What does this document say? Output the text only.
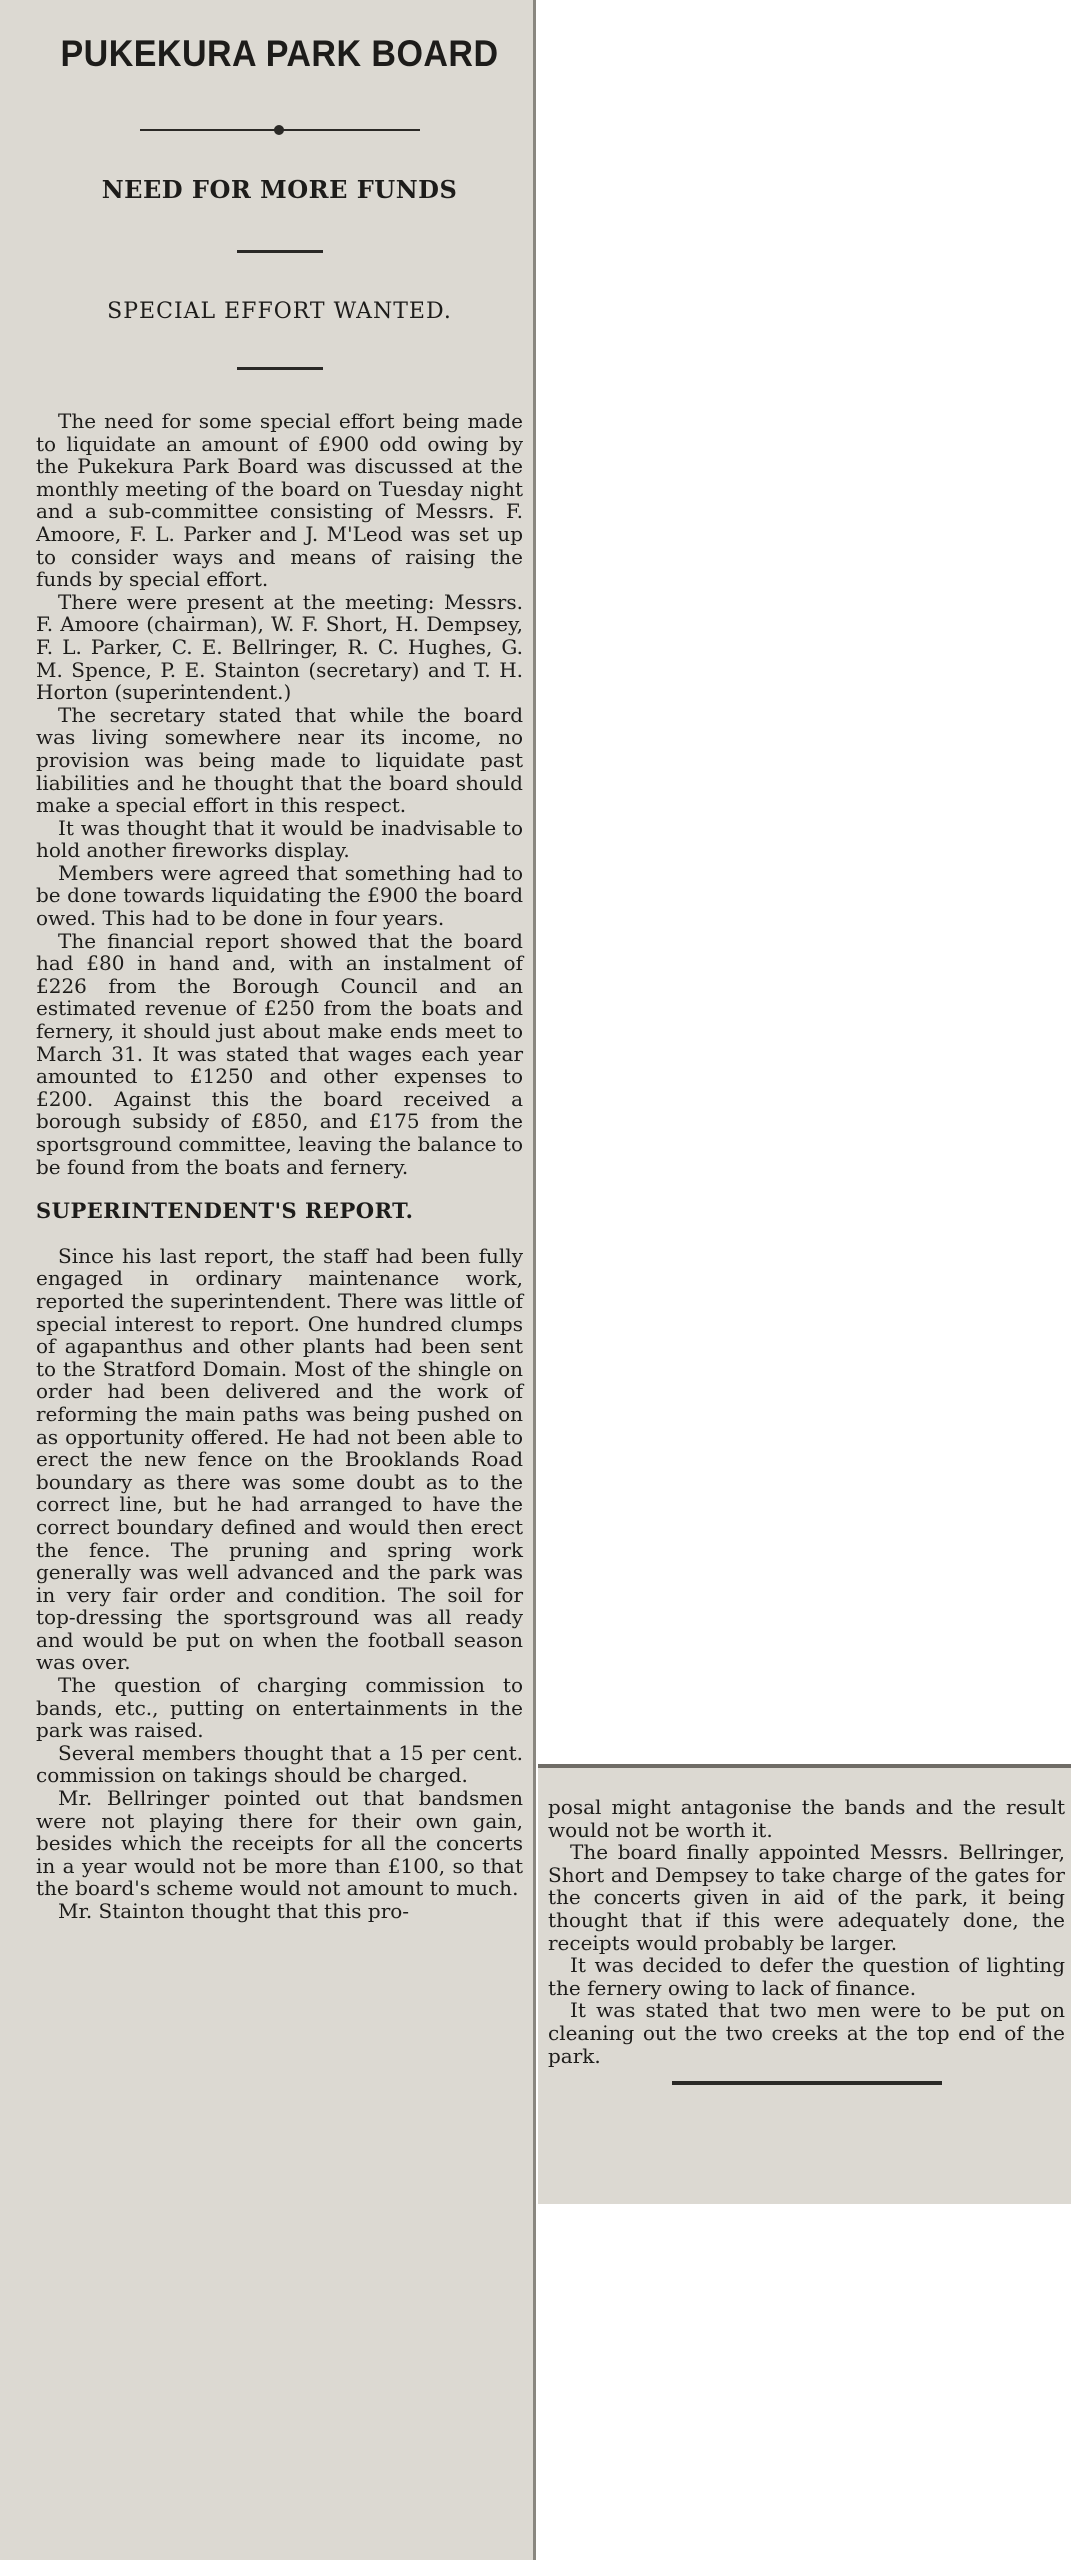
PUKEKURA PARK BOARD
NEED FOR MORE FUNDS
SPECIAL EFFORT WANTED.

The need for some special effort being made to liquidate an amount of £900 odd owing by the Pukekura Park Board was discussed at the monthly meeting of the board on Tuesday night and a sub-committee consisting of Messrs. F. Amoore, F. L. Parker and J. M'Leod was set up to consider ways and means of raising the funds by special effort.

There were present at the meeting: Messrs. F. Amoore (chairman), W. F. Short, H. Dempsey, F. L. Parker, C. E. Bellringer, R. C. Hughes, G. M. Spence, P. E. Stainton (secretary) and T. H. Horton (superintendent.)

The secretary stated that while the board was living somewhere near its income, no provision was being made to liquidate past liabilities and he thought that the board should make a special effort in this respect.

It was thought that it would be inadvisable to hold another fireworks display.

Members were agreed that something had to be done towards liquidating the £900 the board owed. This had to be done in four years.

The financial report showed that the board had £80 in hand and, with an instalment of £226 from the Borough Council and an estimated revenue of £250 from the boats and fernery, it should just about make ends meet to March 31. It was stated that wages each year amounted to £1250 and other expenses to £200. Against this the board received a borough subsidy of £850, and £175 from the sportsground committee, leaving the balance to be found from the boats and fernery.

SUPERINTENDENT'S REPORT.

Since his last report, the staff had been fully engaged in ordinary maintenance work, reported the superintendent. There was little of special interest to report. One hundred clumps of agapanthus and other plants had been sent to the Stratford Domain. Most of the shingle on order had been delivered and the work of reforming the main paths was being pushed on as opportunity offered. He had not been able to erect the new fence on the Brooklands Road boundary as there was some doubt as to the correct line, but he had arranged to have the correct boundary defined and would then erect the fence. The pruning and spring work generally was well advanced and the park was in very fair order and condition. The soil for top-dressing the sportsground was all ready and would be put on when the football season was over.

The question of charging commission to bands, etc., putting on entertainments in the park was raised.

Several members thought that a 15 per cent. commission on takings should be charged.

Mr. Bellringer pointed out that bandsmen were not playing there for their own gain, besides which the receipts for all the concerts in a year would not be more than £100, so that the board's scheme would not amount to much.

Mr. Stainton thought that this pro-

posal might antagonise the bands and the result would not be worth it.

The board finally appointed Messrs. Bellringer, Short and Dempsey to take charge of the gates for the concerts given in aid of the park, it being thought that if this were adequately done, the receipts would probably be larger.

It was decided to defer the question of lighting the fernery owing to lack of finance.

It was stated that two men were to be put on cleaning out the two creeks at the top end of the park.
